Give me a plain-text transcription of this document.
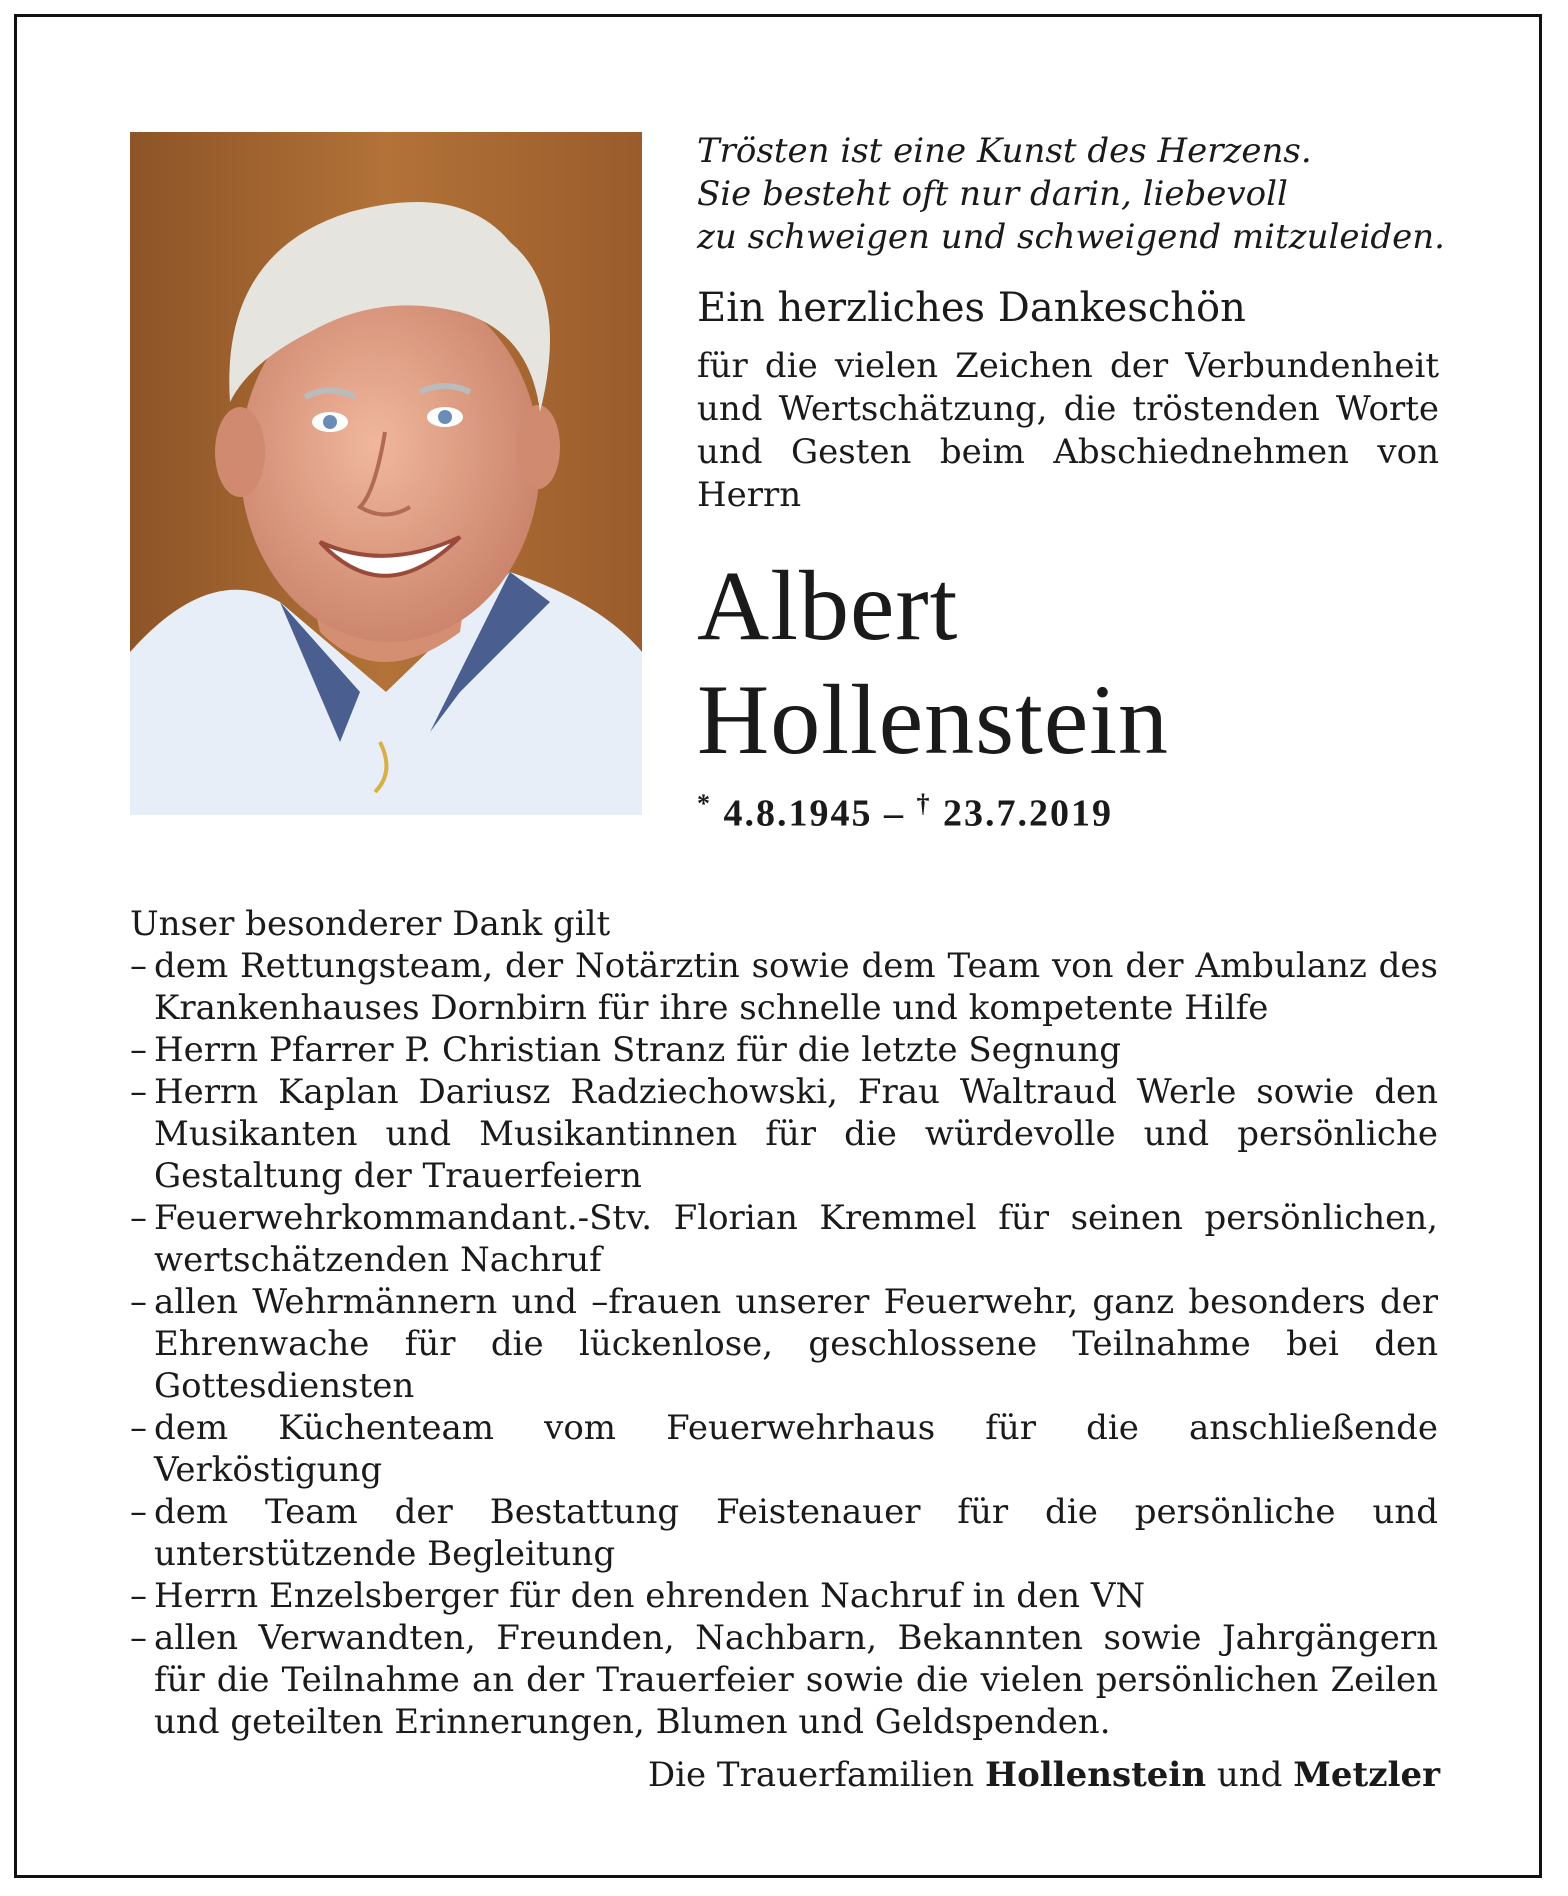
Trösten ist eine Kunst des Herzens.
Sie besteht oft nur darin, liebevoll
zu schweigen und schweigend mitzuleiden.
Ein herzliches Dankeschön
für die vielen Zeichen der Verbundenheit und Wertschätzung, die tröstenden Worte und Gesten beim Abschiednehmen von Herrn
Albert
Hollenstein
* 4.8.1945 – † 23.7.2019
Unser besonderer Dank gilt
– dem Rettungsteam, der Notärztin sowie dem Team von der Ambulanz des Krankenhauses Dornbirn für ihre schnelle und kompetente Hilfe
– Herrn Pfarrer P. Christian Stranz für die letzte Segnung
– Herrn Kaplan Dariusz Radziechowski, Frau Waltraud Werle sowie den Musikanten und Musikantinnen für die würdevolle und persönliche Gestaltung der Trauerfeiern
– Feuerwehrkommandant.-Stv. Florian Kremmel für seinen persönlichen, wertschätzenden Nachruf
– allen Wehrmännern und –frauen unserer Feuerwehr, ganz besonders der Ehrenwache für die lückenlose, geschlossene Teilnahme bei den Gottesdiensten
– dem Küchenteam vom Feuerwehrhaus für die anschließende Verköstigung
– dem Team der Bestattung Feistenauer für die persönliche und unterstützende Begleitung
– Herrn Enzelsberger für den ehrenden Nachruf in den VN
– allen Verwandten, Freunden, Nachbarn, Bekannten sowie Jahrgängern für die Teilnahme an der Trauerfeier sowie die vielen persönlichen Zeilen und geteilten Erinnerungen, Blumen und Geldspenden.
Die Trauerfamilien Hollenstein und Metzler
